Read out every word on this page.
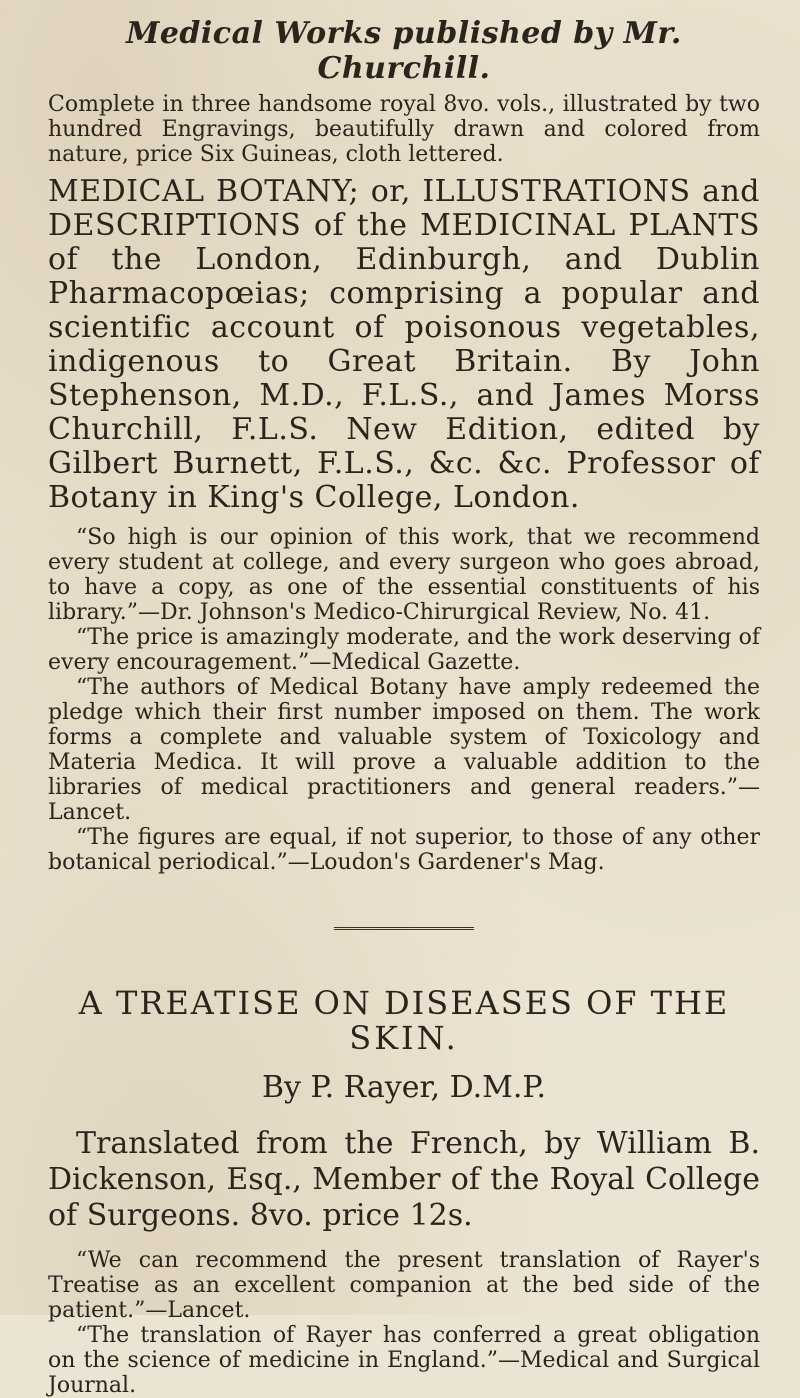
Medical Works published by Mr. Churchill.

Complete in three handsome royal 8vo. vols., illustrated by two hundred Engravings, beautifully drawn and colored from nature, price Six Guineas, cloth lettered.

MEDICAL BOTANY; or, ILLUSTRATIONS and DESCRIPTIONS of the MEDICINAL PLANTS of the London, Edinburgh, and Dublin Pharmacopœias; comprising a popular and scientific account of poisonous vegetables, indigenous to Great Britain. By John Stephenson, M.D., F.L.S., and James Morss Churchill, F.L.S. New Edition, edited by Gilbert Burnett, F.L.S., &c. &c. Professor of Botany in King's College, London.

“So high is our opinion of this work, that we recommend every student at college, and every surgeon who goes abroad, to have a copy, as one of the essential constituents of his library.”—Dr. Johnson's Medico-Chirurgical Review, No. 41.

“The price is amazingly moderate, and the work deserving of every encouragement.”—Medical Gazette.

“The authors of Medical Botany have amply redeemed the pledge which their first number imposed on them. The work forms a complete and valuable system of Toxicology and Materia Medica. It will prove a valuable addition to the libraries of medical practitioners and general readers.”—Lancet.

“The figures are equal, if not superior, to those of any other botanical periodical.”—Loudon's Gardener's Mag.

A TREATISE ON DISEASES OF THE

SKIN.

By P. Rayer, D.M.P.

Translated from the French, by William B. Dickenson, Esq., Member of the Royal College of Surgeons. 8vo. price 12s.

“We can recommend the present translation of Rayer's Treatise as an excellent companion at the bed side of the patient.”—Lancet.

“The translation of Rayer has conferred a great obligation on the science of medicine in England.”—Medical and Surgical Journal.
